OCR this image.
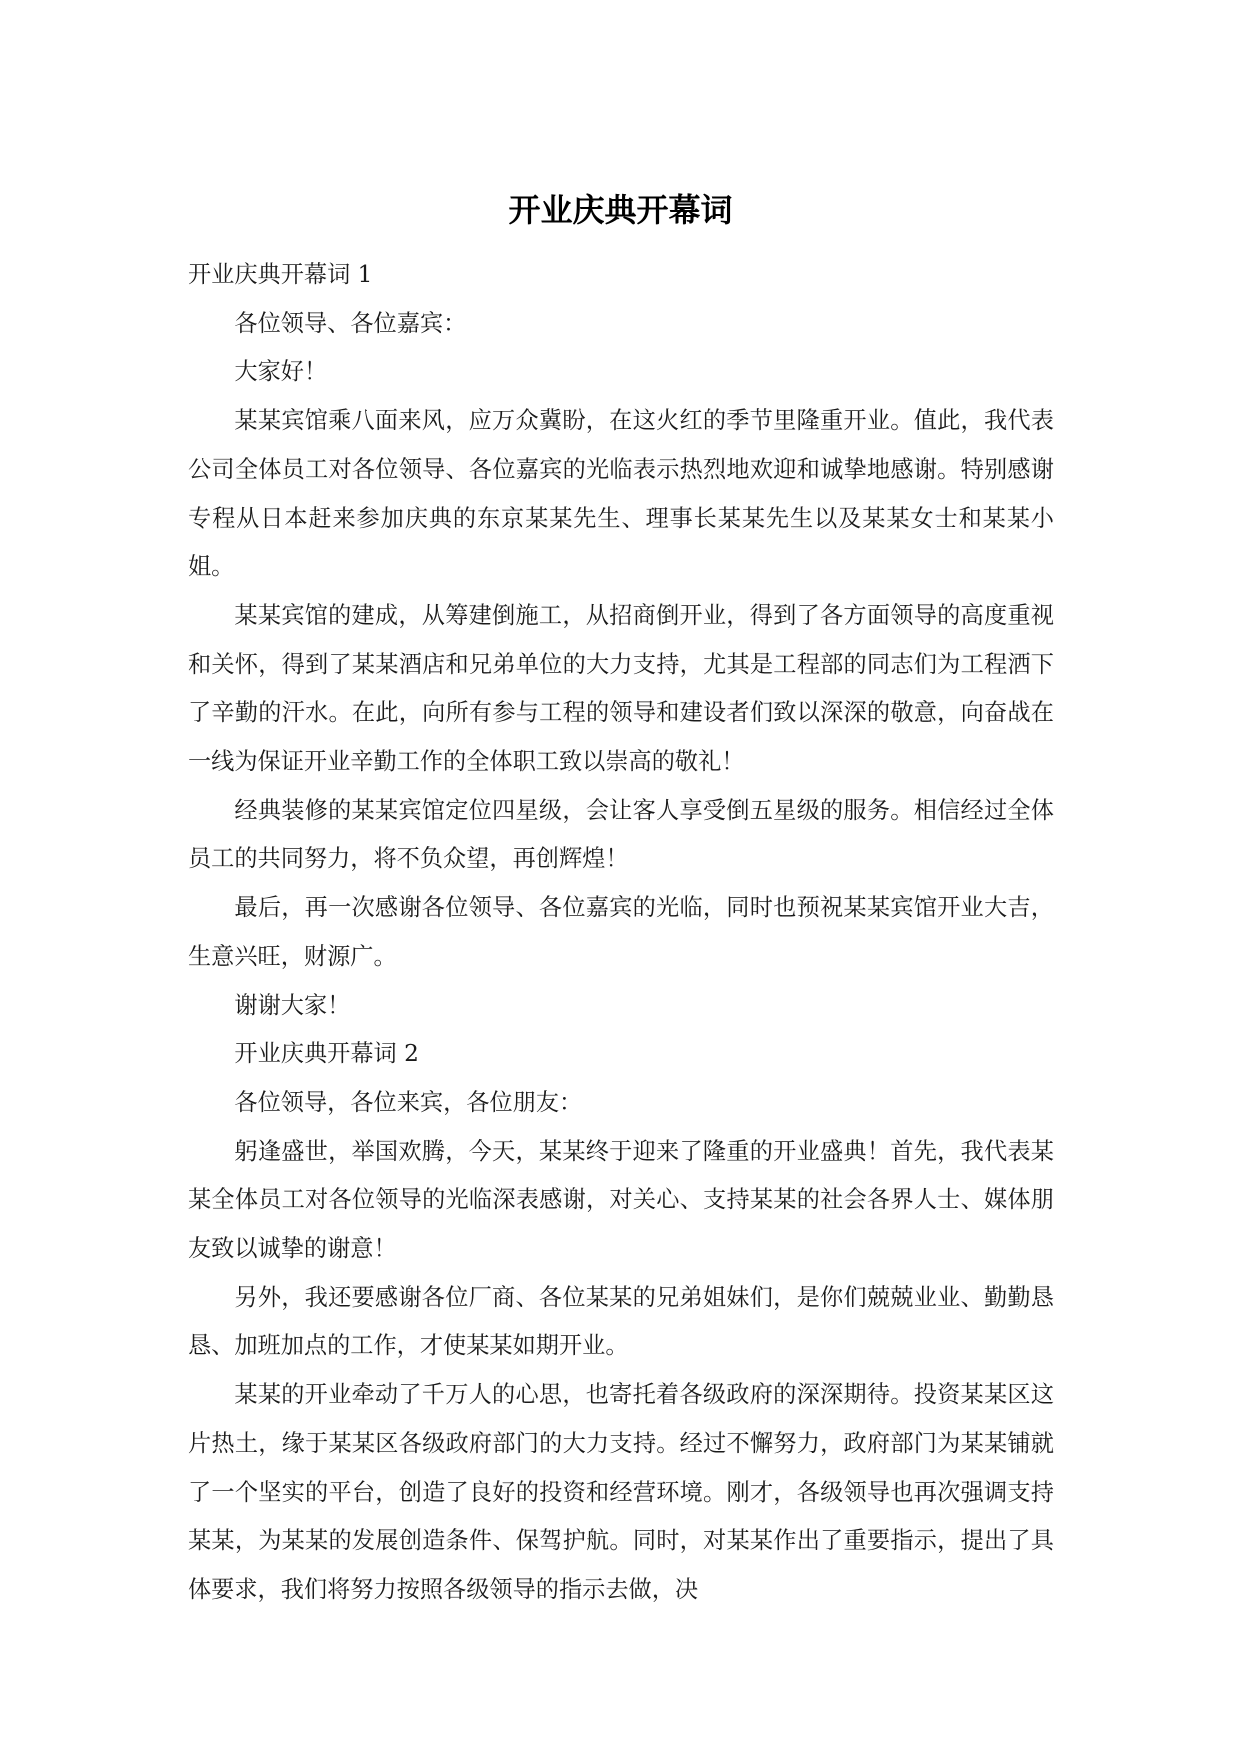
开业庆典开幕词

开业庆典开幕词 1

各位领导、各位嘉宾：

大家好！

某某宾馆乘八面来风，应万众冀盼，在这火红的季节里隆重开业。值此，我代表公司全体员工对各位领导、各位嘉宾的光临表示热烈地欢迎和诚挚地感谢。特别感谢专程从日本赶来参加庆典的东京某某先生、理事长某某先生以及某某女士和某某小姐。

某某宾馆的建成，从筹建倒施工，从招商倒开业，得到了各方面领导的高度重视和关怀，得到了某某酒店和兄弟单位的大力支持，尤其是工程部的同志们为工程洒下了辛勤的汗水。在此，向所有参与工程的领导和建设者们致以深深的敬意，向奋战在一线为保证开业辛勤工作的全体职工致以崇高的敬礼！

经典装修的某某宾馆定位四星级，会让客人享受倒五星级的服务。相信经过全体员工的共同努力，将不负众望，再创辉煌！

最后，再一次感谢各位领导、各位嘉宾的光临，同时也预祝某某宾馆开业大吉，生意兴旺，财源广。

谢谢大家！

开业庆典开幕词 2

各位领导，各位来宾，各位朋友：

躬逢盛世，举国欢腾，今天，某某终于迎来了隆重的开业盛典！首先，我代表某某全体员工对各位领导的光临深表感谢，对关心、支持某某的社会各界人士、媒体朋友致以诚挚的谢意！

另外，我还要感谢各位厂商、各位某某的兄弟姐妹们，是你们兢兢业业、勤勤恳恳、加班加点的工作，才使某某如期开业。

某某的开业牵动了千万人的心思，也寄托着各级政府的深深期待。投资某某区这片热土，缘于某某区各级政府部门的大力支持。经过不懈努力，政府部门为某某铺就了一个坚实的平台，创造了良好的投资和经营环境。刚才，各级领导也再次强调支持某某，为某某的发展创造条件、保驾护航。同时，对某某作出了重要指示，提出了具体要求，我们将努力按照各级领导的指示去做，决
